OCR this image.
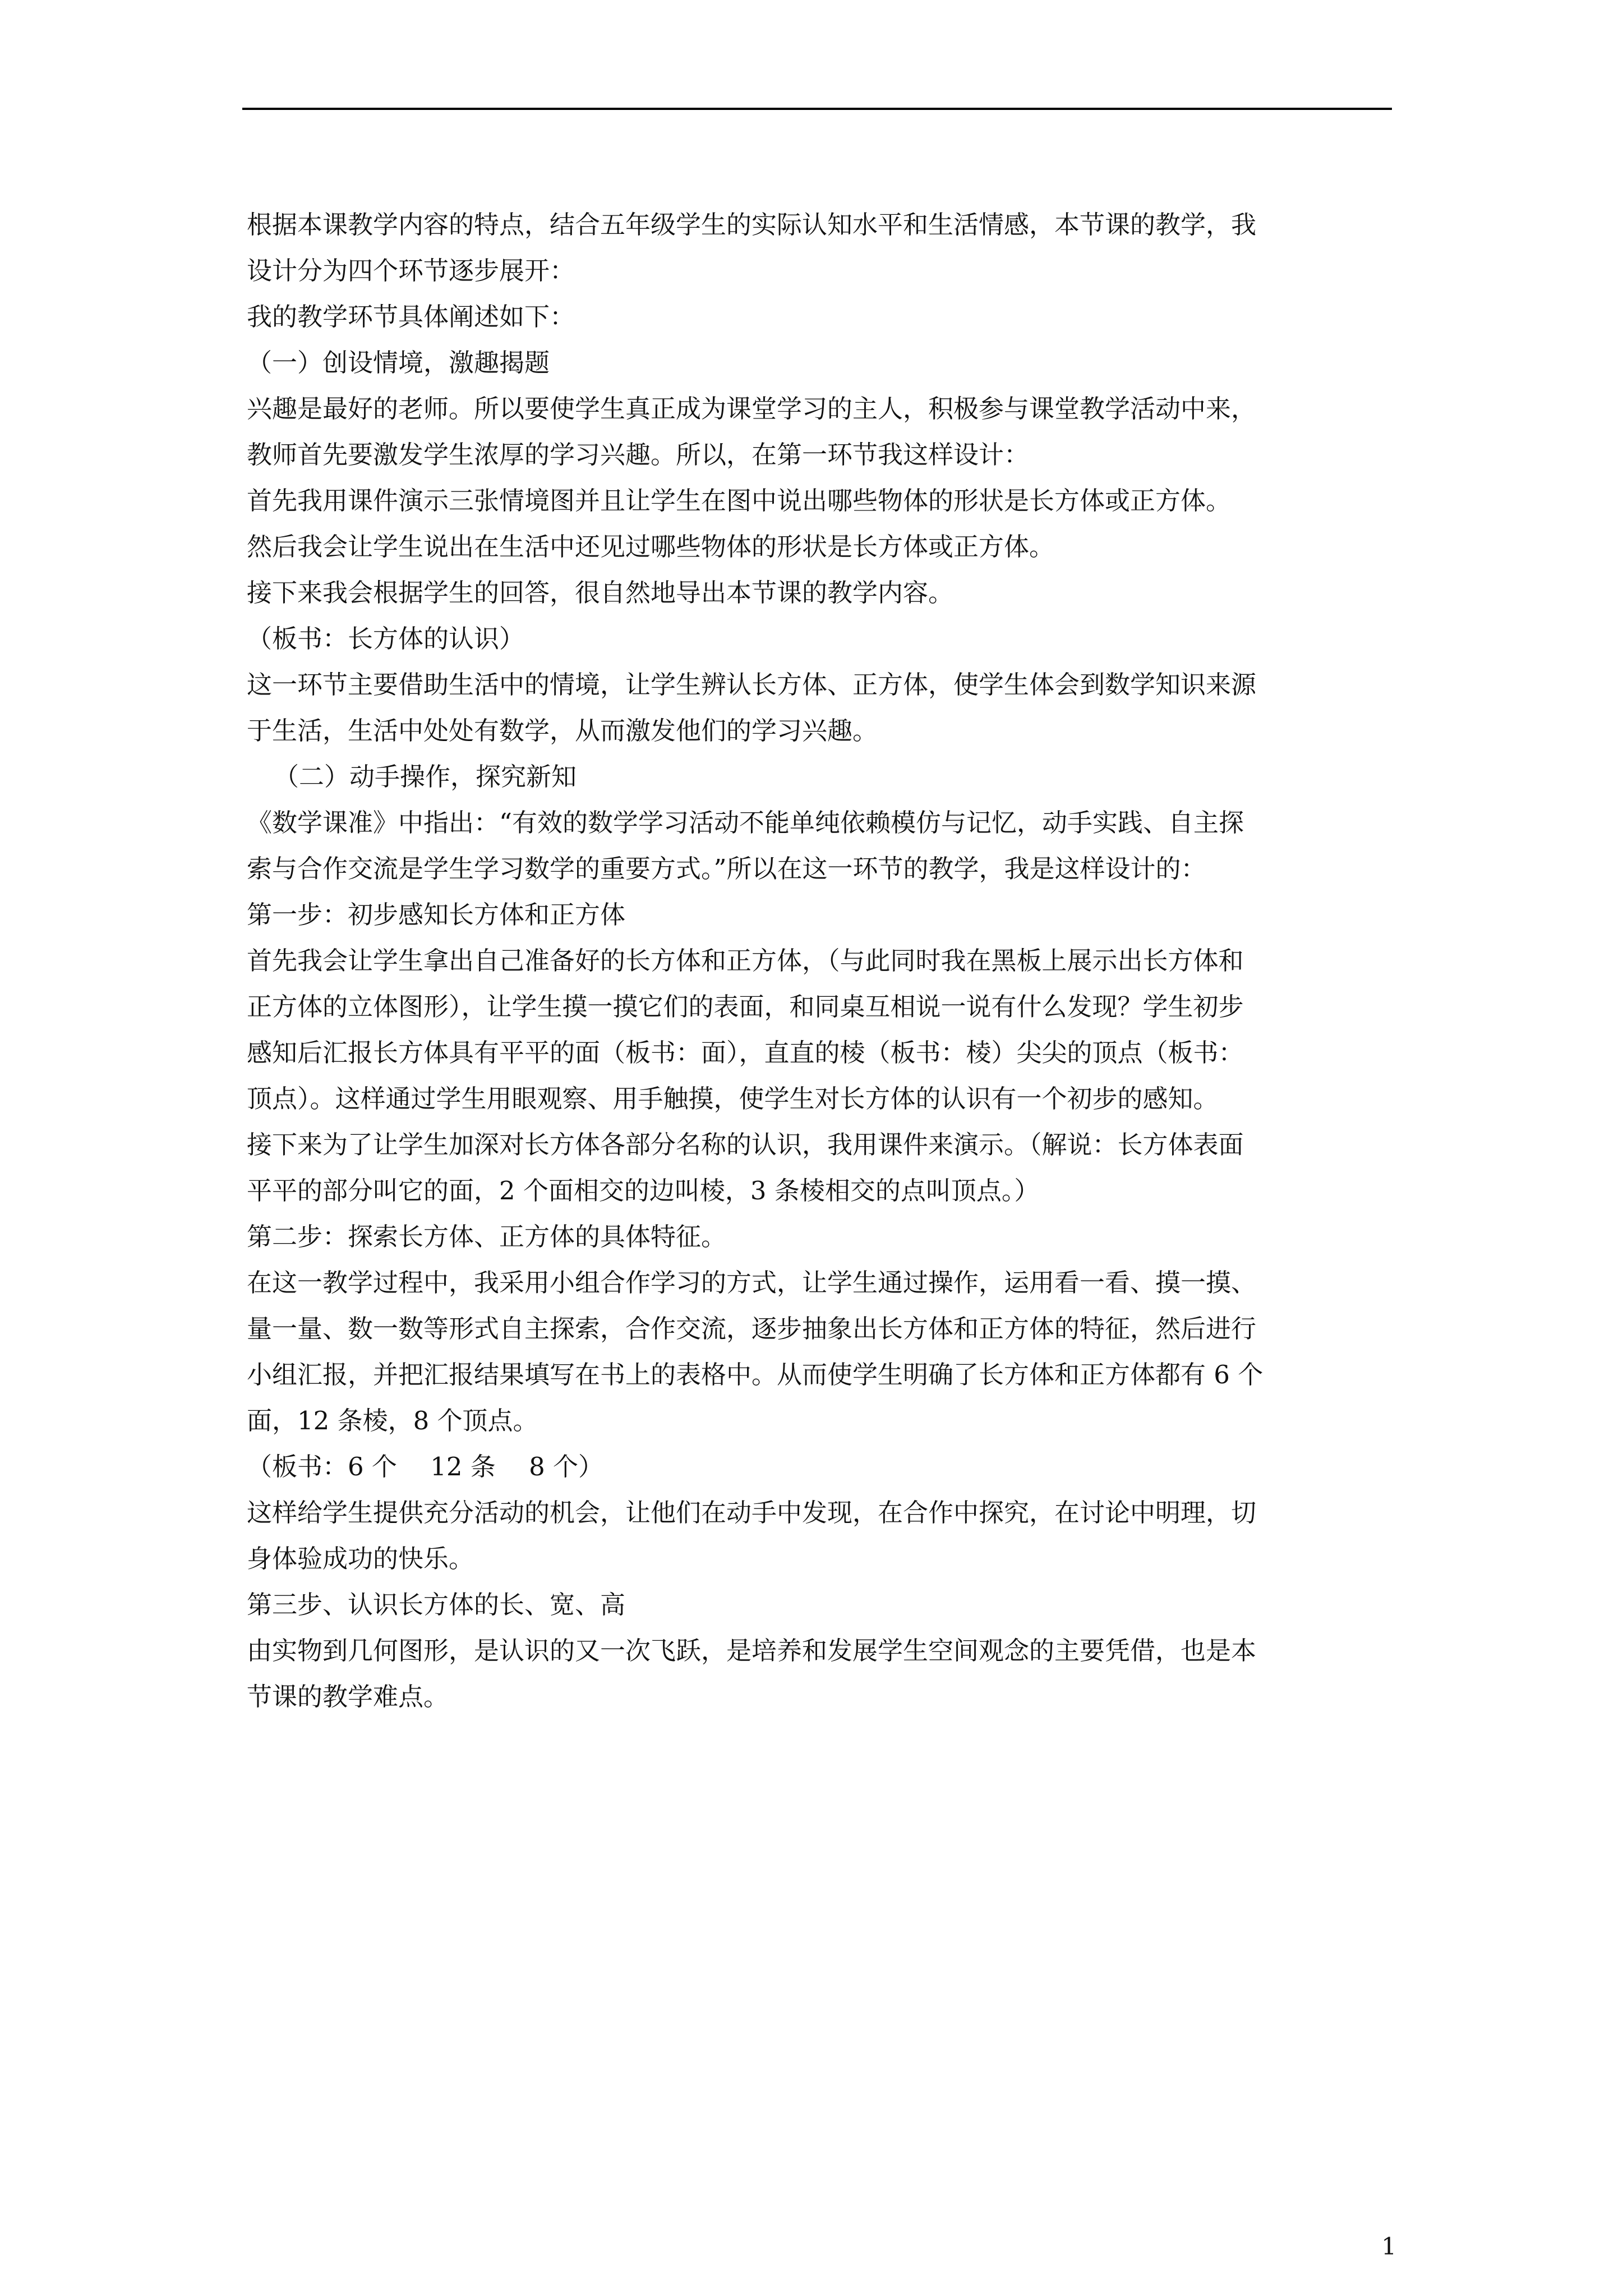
根据本课教学内容的特点，结合五年级学生的实际认知水平和生活情感，本节课的教学，我
设计分为四个环节逐步展开：
我的教学环节具体阐述如下：
（一）创设情境，激趣揭题
兴趣是最好的老师。所以要使学生真正成为课堂学习的主人，积极参与课堂教学活动中来，
教师首先要激发学生浓厚的学习兴趣。所以，在第一环节我这样设计：
首先我用课件演示三张情境图并且让学生在图中说出哪些物体的形状是长方体或正方体。
然后我会让学生说出在生活中还见过哪些物体的形状是长方体或正方体。
接下来我会根据学生的回答，很自然地导出本节课的教学内容。
（板书：长方体的认识）
这一环节主要借助生活中的情境，让学生辨认长方体、正方体，使学生体会到数学知识来源
于生活，生活中处处有数学，从而激发他们的学习兴趣。
（二）动手操作，探究新知
《数学课准》中指出：“有效的数学学习活动不能单纯依赖模仿与记忆，动手实践、自主探
索与合作交流是学生学习数学的重要方式。”所以在这一环节的教学，我是这样设计的：
第一步：初步感知长方体和正方体
首先我会让学生拿出自己准备好的长方体和正方体，（与此同时我在黑板上展示出长方体和
正方体的立体图形），让学生摸一摸它们的表面，和同桌互相说一说有什么发现？学生初步
感知后汇报长方体具有平平的面（板书：面），直直的棱（板书：棱）尖尖的顶点（板书：
顶点）。这样通过学生用眼观察、用手触摸，使学生对长方体的认识有一个初步的感知。
接下来为了让学生加深对长方体各部分名称的认识，我用课件来演示。（解说：长方体表面
平平的部分叫它的面，2 个面相交的边叫棱，3 条棱相交的点叫顶点。）
第二步：探索长方体、正方体的具体特征。
在这一教学过程中，我采用小组合作学习的方式，让学生通过操作，运用看一看、摸一摸、
量一量、数一数等形式自主探索，合作交流，逐步抽象出长方体和正方体的特征，然后进行
小组汇报，并把汇报结果填写在书上的表格中。从而使学生明确了长方体和正方体都有 6 个
面，12 条棱，8 个顶点。
（板书：6 个　 12 条　 8 个）
这样给学生提供充分活动的机会，让他们在动手中发现，在合作中探究，在讨论中明理，切
身体验成功的快乐。
第三步、认识长方体的长、宽、高
由实物到几何图形，是认识的又一次飞跃，是培养和发展学生空间观念的主要凭借，也是本
节课的教学难点。
1
